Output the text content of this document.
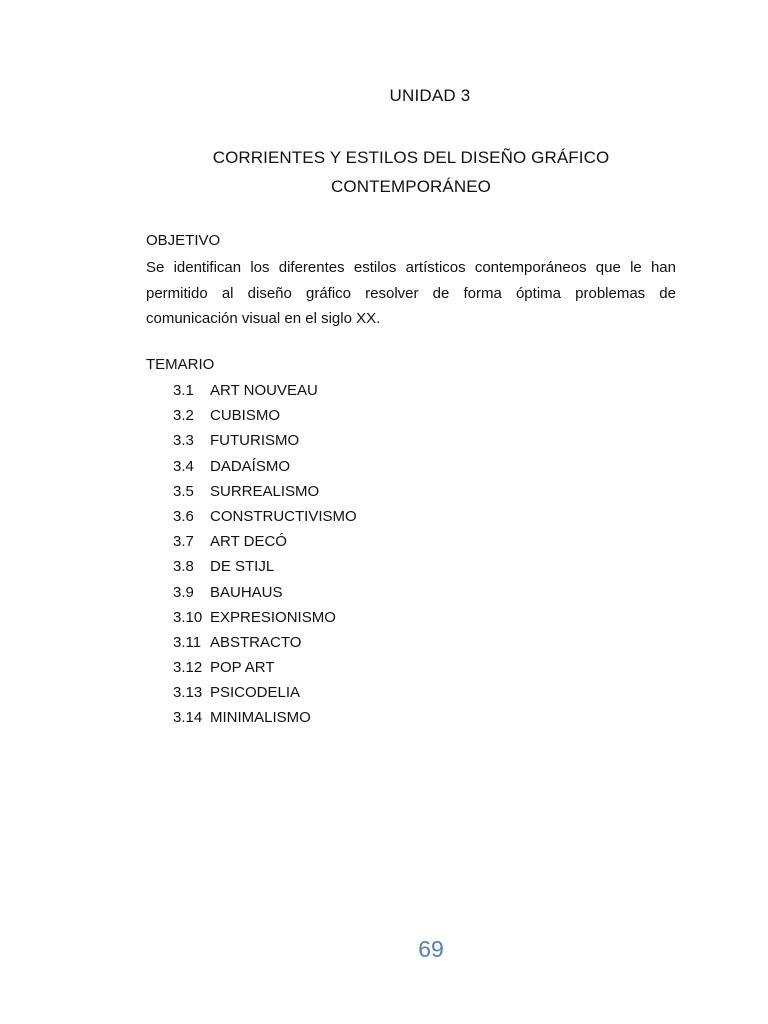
UNIDAD 3
CORRIENTES Y ESTILOS DEL DISEÑO GRÁFICO CONTEMPORÁNEO
OBJETIVO
Se identifican los diferentes estilos artísticos contemporáneos que le han permitido al diseño gráfico resolver de forma óptima problemas de comunicación visual en el siglo XX.
TEMARIO
3.1 ART NOUVEAU
3.2 CUBISMO
3.3 FUTURISMO
3.4 DADAÍSMO
3.5 SURREALISMO
3.6 CONSTRUCTIVISMO
3.7 ART DECÓ
3.8 DE STIJL
3.9 BAUHAUS
3.10 EXPRESIONISMO
3.11 ABSTRACTO
3.12 POP ART
3.13 PSICODELIA
3.14 MINIMALISMO
69
